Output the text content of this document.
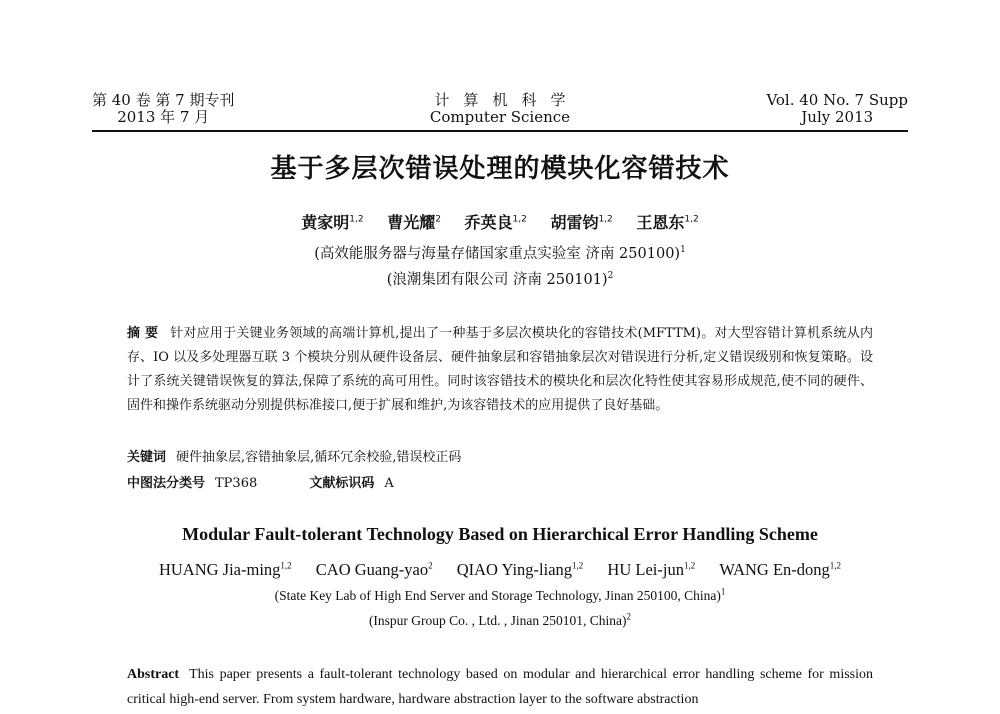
第 40 卷 第 7 期专刊
2013 年 7 月
计算机科学
Computer Science
Vol. 40 No. 7 Supp
July 2013
基于多层次错误处理的模块化容错技术
黄家明$^{1,2}$ 曹光耀$^2$ 乔英良$^{1,2}$ 胡雷钧$^{1,2}$ 王恩东$^{1,2}$
(高效能服务器与海量存储国家重点实验室 济南 250100)$^1$
(浪潮集团有限公司 济南 250101)$^2$
摘 要 针对应用于关键业务领域的高端计算机,提出了一种基于多层次模块化的容错技术(MFTTM)。对大型容错计算机系统从内存、IO 以及多处理器互联 3 个模块分别从硬件设备层、硬件抽象层和容错抽象层次对错误进行分析,定义错误级别和恢复策略。设计了系统关键错误恢复的算法,保障了系统的高可用性。同时该容错技术的模块化和层次化特性使其容易形成规范,使不同的硬件、固件和操作系统驱动分别提供标准接口,便于扩展和维护,为该容错技术的应用提供了良好基础。
关键词 硬件抽象层,容错抽象层,循环冗余校验,错误校正码
中图法分类号 TP368	文献标识码 A
Modular Fault-tolerant Technology Based on Hierarchical Error Handling Scheme
HUANG Jia-ming$^{1,2}$ CAO Guang-yao$^2$ QIAO Ying-liang$^{1,2}$ HU Lei-jun$^{1,2}$ WANG En-dong$^{1,2}$
(State Key Lab of High End Server and Storage Technology, Jinan 250100, China)$^1$
(Inspur Group Co. , Ltd. , Jinan 250101, China)$^2$
Abstract This paper presents a fault-tolerant technology based on modular and hierarchical error handling scheme for mission critical high-end server. From system hardware, hardware abstraction layer to the software abstraction
